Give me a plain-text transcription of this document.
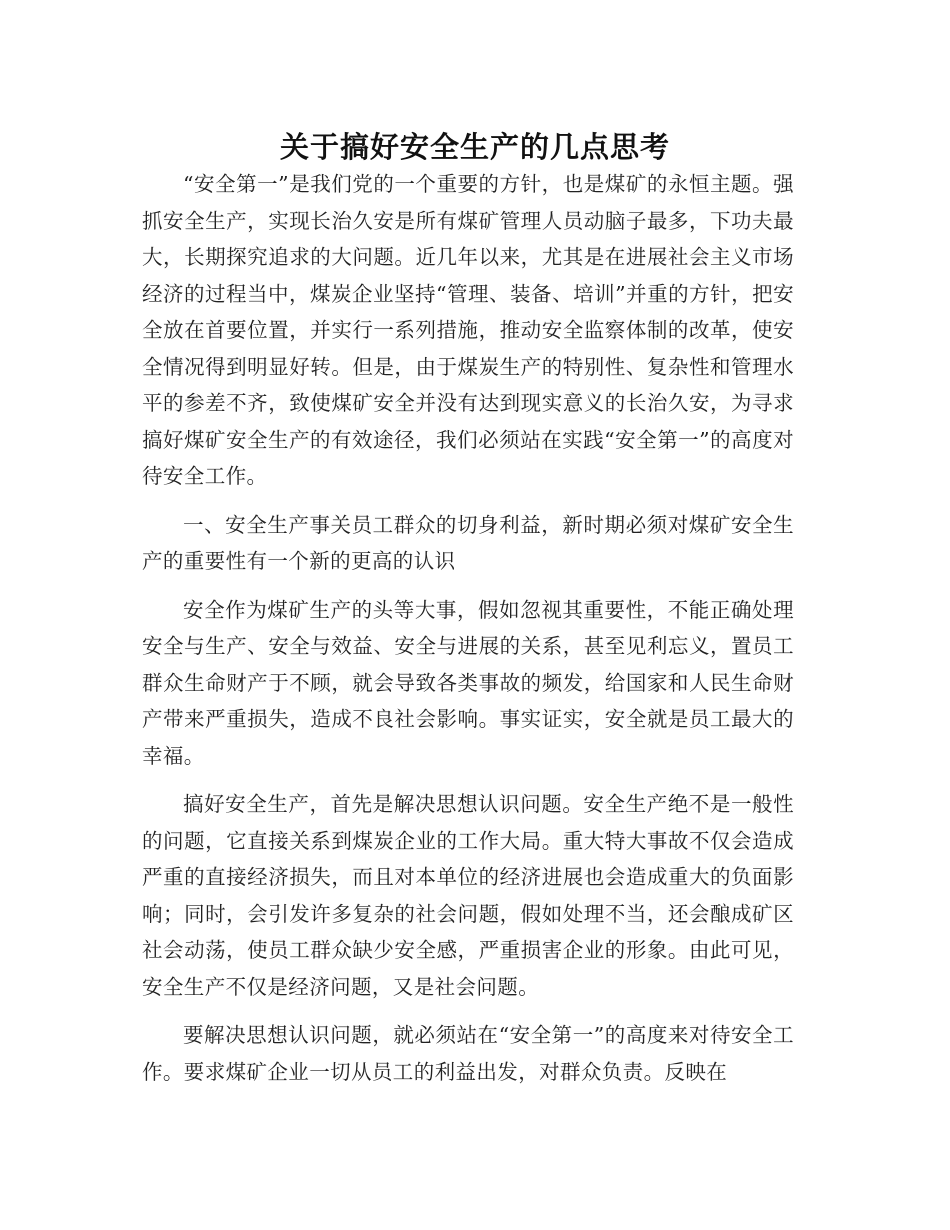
关于搞好安全生产的几点思考

“安全第一”是我们党的一个重要的方针，也是煤矿的永恒主题。强抓安全生产，实现长治久安是所有煤矿管理人员动脑子最多，下功夫最大，长期探究追求的大问题。近几年以来，尤其是在进展社会主义市场经济的过程当中，煤炭企业坚持“管理、装备、培训”并重的方针，把安全放在首要位置，并实行一系列措施，推动安全监察体制的改革，使安全情况得到明显好转。但是，由于煤炭生产的特别性、复杂性和管理水平的参差不齐，致使煤矿安全并没有达到现实意义的长治久安，为寻求搞好煤矿安全生产的有效途径，我们必须站在实践“安全第一”的高度对待安全工作。

一、安全生产事关员工群众的切身利益，新时期必须对煤矿安全生产的重要性有一个新的更高的认识

安全作为煤矿生产的头等大事，假如忽视其重要性，不能正确处理安全与生产、安全与效益、安全与进展的关系，甚至见利忘义，置员工群众生命财产于不顾，就会导致各类事故的频发，给国家和人民生命财产带来严重损失，造成不良社会影响。事实证实，安全就是员工最大的幸福。

搞好安全生产，首先是解决思想认识问题。安全生产绝不是一般性的问题，它直接关系到煤炭企业的工作大局。重大特大事故不仅会造成严重的直接经济损失，而且对本单位的经济进展也会造成重大的负面影响；同时，会引发许多复杂的社会问题，假如处理不当，还会酿成矿区社会动荡，使员工群众缺少安全感，严重损害企业的形象。由此可见，安全生产不仅是经济问题，又是社会问题。

要解决思想认识问题，就必须站在“安全第一”的高度来对待安全工作。要求煤矿企业一切从员工的利益出发，对群众负责。反映在
